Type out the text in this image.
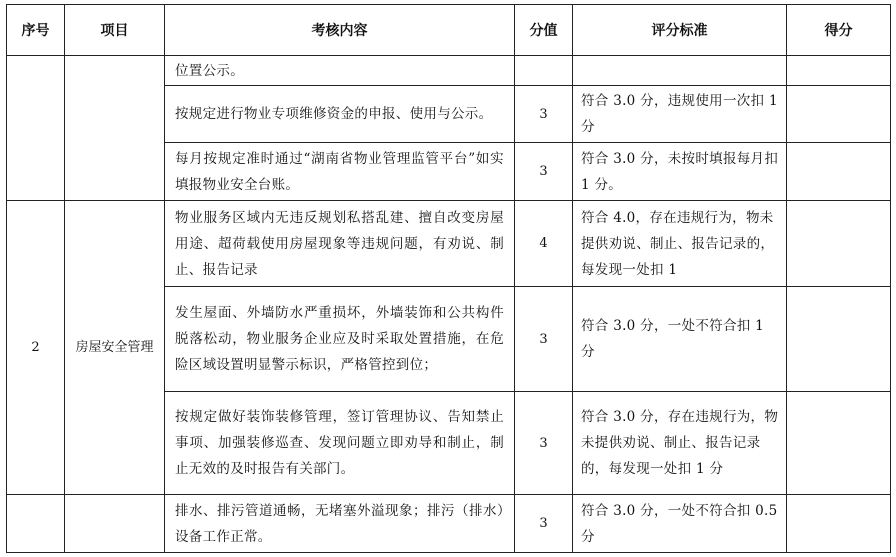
序号	项目	考核内容	分值	评分标准	得分
		位置公示。			
		按规定进行物业专项维修资金的申报、使用与公示。	3	符合 3.0 分，违规使用一次扣 1 分	
		每月按规定准时通过“湖南省物业管理监管平台”如实填报物业安全台账。	3	符合 3.0 分，未按时填报每月扣 1 分。	
2	房屋安全管理	物业服务区域内无违反规划私搭乱建、擅自改变房屋用途、超荷载使用房屋现象等违规问题，有劝说、制止、报告记录	4	符合 4.0，存在违规行为，物未提供劝说、制止、报告记录的，每发现一处扣 1	
		发生屋面、外墙防水严重损坏，外墙装饰和公共构件脱落松动，物业服务企业应及时采取处置措施，在危险区域设置明显警示标识，严格管控到位；	3	符合 3.0 分，一处不符合扣 1 分	
		按规定做好装饰装修管理，签订管理协议、告知禁止事项、加强装修巡查、发现问题立即劝导和制止，制止无效的及时报告有关部门。	3	符合 3.0 分，存在违规行为，物未提供劝说、制止、报告记录的，每发现一处扣 1 分	
		排水、排污管道通畅，无堵塞外溢现象；排污（排水）设备工作正常。	3	符合 3.0 分，一处不符合扣 0.5 分	
